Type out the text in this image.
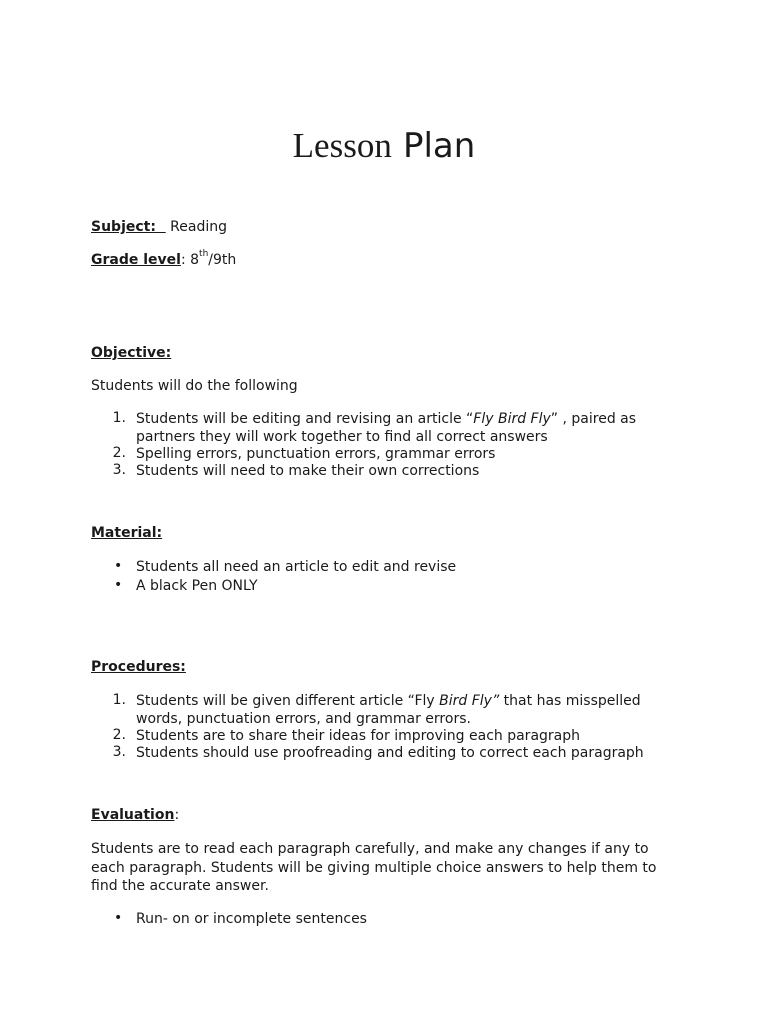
Lesson Plan
Subject: Reading
Grade level: 8th/9th
Objective:
Students will do the following
1. Students will be editing and revising an article “Fly Bird Fly” , paired as
partners they will work together to find all correct answers
2. Spelling errors, punctuation errors, grammar errors
3. Students will need to make their own corrections
Material:
• Students all need an article to edit and revise
• A black Pen ONLY
Procedures:
1. Students will be given different article “Fly Bird Fly” that has misspelled
words, punctuation errors, and grammar errors.
2. Students are to share their ideas for improving each paragraph
3. Students should use proofreading and editing to correct each paragraph
Evaluation:
Students are to read each paragraph carefully, and make any changes if any to
each paragraph. Students will be giving multiple choice answers to help them to
find the accurate answer.
• Run- on or incomplete sentences
